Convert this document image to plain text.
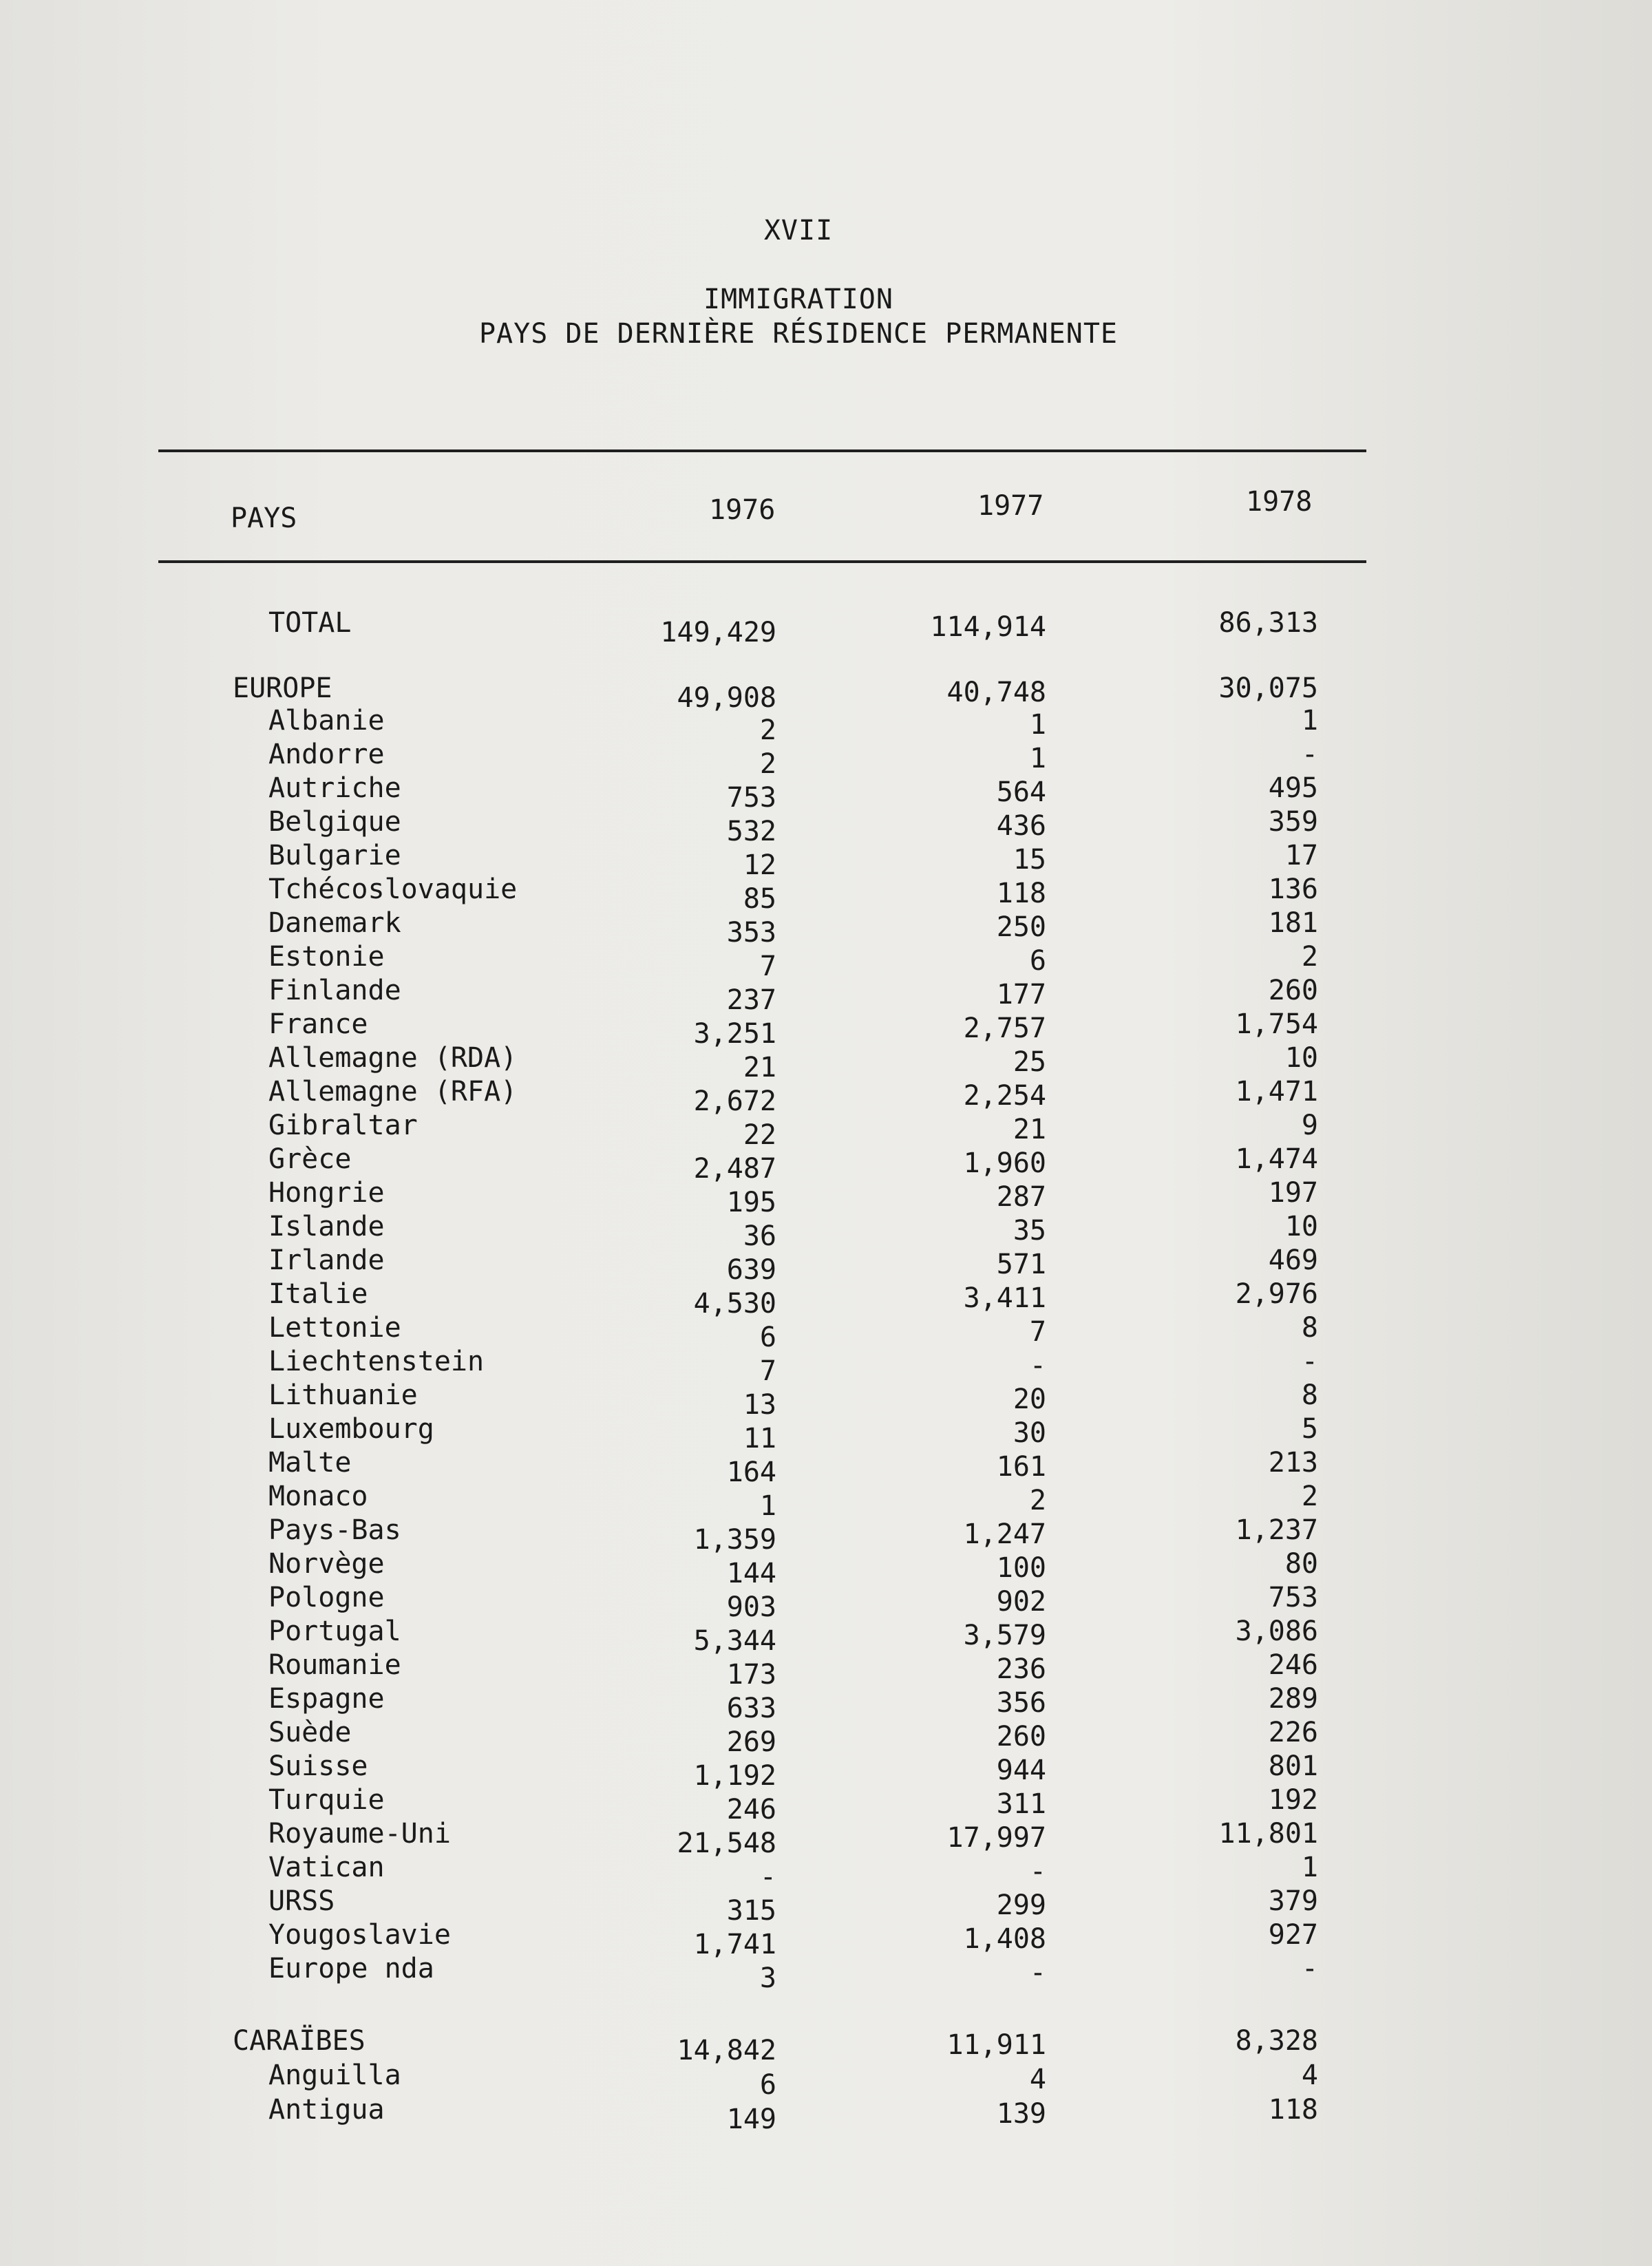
XVII
IMMIGRATION
PAYS DE DERNIÈRE RÉSIDENCE PERMANENTE
PAYS	1976	1977	1978
TOTAL	149,429	114,914	86,313
EUROPE	49,908	40,748	30,075
Albanie	2	1	1
Andorre	2	1	-
Autriche	753	564	495
Belgique	532	436	359
Bulgarie	12	15	17
Tchécoslovaquie	85	118	136
Danemark	353	250	181
Estonie	7	6	2
Finlande	237	177	260
France	3,251	2,757	1,754
Allemagne (RDA)	21	25	10
Allemagne (RFA)	2,672	2,254	1,471
Gibraltar	22	21	9
Grèce	2,487	1,960	1,474
Hongrie	195	287	197
Islande	36	35	10
Irlande	639	571	469
Italie	4,530	3,411	2,976
Lettonie	6	7	8
Liechtenstein	7	-	-
Lithuanie	13	20	8
Luxembourg	11	30	5
Malte	164	161	213
Monaco	1	2	2
Pays-Bas	1,359	1,247	1,237
Norvège	144	100	80
Pologne	903	902	753
Portugal	5,344	3,579	3,086
Roumanie	173	236	246
Espagne	633	356	289
Suède	269	260	226
Suisse	1,192	944	801
Turquie	246	311	192
Royaume-Uni	21,548	17,997	11,801
Vatican	-	-	1
URSS	315	299	379
Yougoslavie	1,741	1,408	927
Europe nda	3	-	-
CARAÏBES	14,842	11,911	8,328
Anguilla	6	4	4
Antigua	149	139	118
